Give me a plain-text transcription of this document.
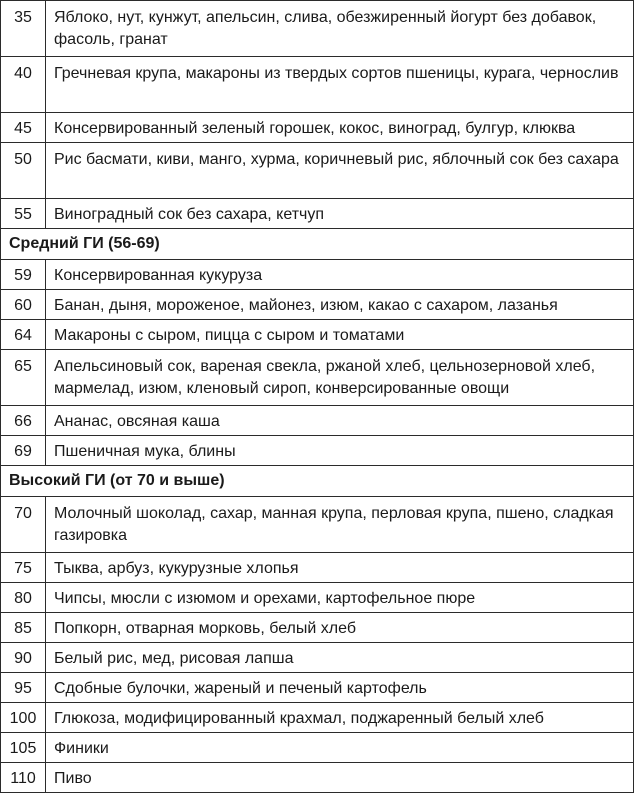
35	Яблоко, нут, кунжут, апельсин, слива, обезжиренный йогурт без добавок, фасоль, гранат
40	Гречневая крупа, макароны из твердых сортов пшеницы, курага, чернослив
45	Консервированный зеленый горошек, кокос, виноград, булгур, клюква
50	Рис басмати, киви, манго, хурма, коричневый рис, яблочный сок без сахара
55	Виноградный сок без сахара, кетчуп
Средний ГИ (56-69)	
59	Консервированная кукуруза
60	Банан, дыня, мороженое, майонез, изюм, какао с сахаром, лазанья
64	Макароны с сыром, пицца с сыром и томатами
65	Апельсиновый сок, вареная свекла, ржаной хлеб, цельнозерновой хлеб, мармелад, изюм, кленовый сироп, конверсированные овощи
66	Ананас, овсяная каша
69	Пшеничная мука, блины
Высокий ГИ (от 70 и выше)	
70	Молочный шоколад, сахар, манная крупа, перловая крупа, пшено, сладкая газировка
75	Тыква, арбуз, кукурузные хлопья
80	Чипсы, мюсли с изюмом и орехами, картофельное пюре
85	Попкорн, отварная морковь, белый хлеб
90	Белый рис, мед, рисовая лапша
95	Сдобные булочки, жареный и печеный картофель
100	Глюкоза, модифицированный крахмал, поджаренный белый хлеб
105	Финики
110	Пиво
